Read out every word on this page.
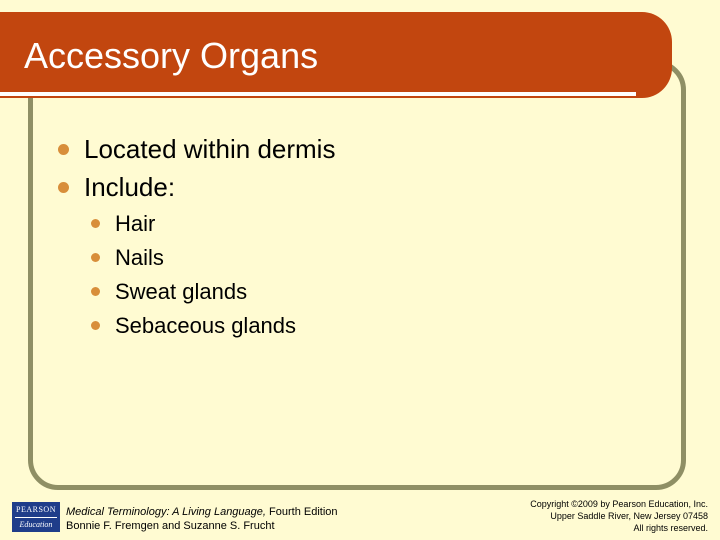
Accessory Organs
Located within dermis
Include:
Hair
Nails
Sweat glands
Sebaceous glands
PEARSON
Education
Medical Terminology: A Living Language, Fourth Edition
Bonnie F. Fremgen and Suzanne S. Frucht
Copyright ©2009 by Pearson Education, Inc.
Upper Saddle River, New Jersey 07458
All rights reserved.
